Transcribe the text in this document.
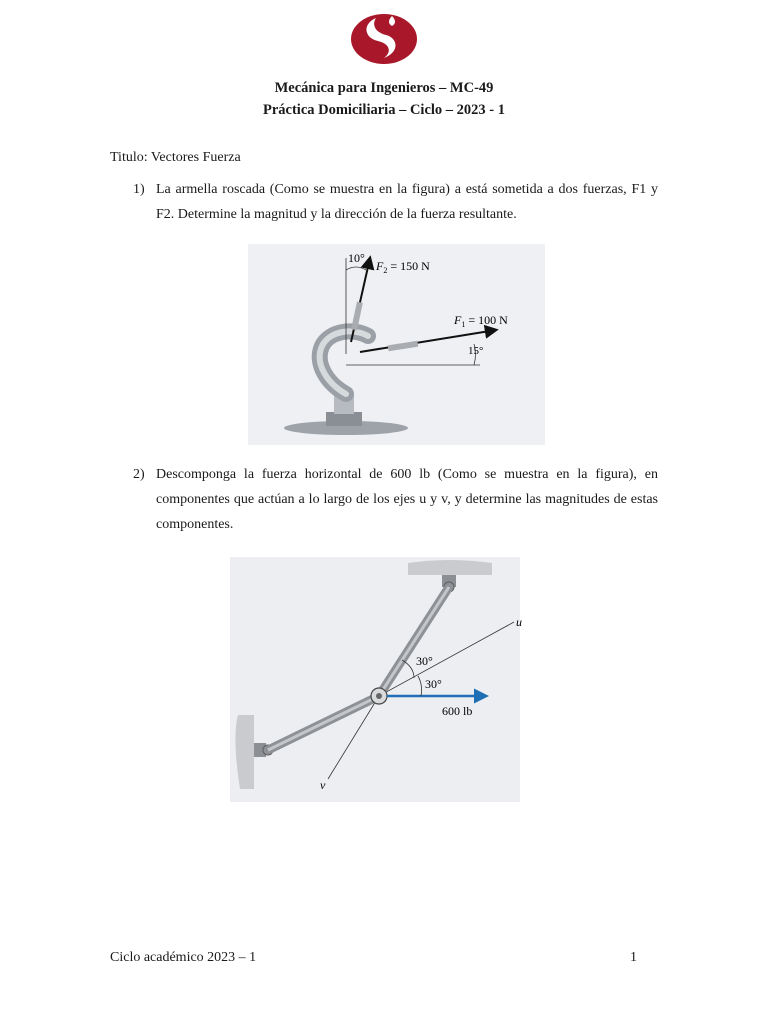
Mecánica para Ingenieros – MC-49
Práctica Domiciliaria – Ciclo – 2023 - 1
Titulo: Vectores Fuerza
1) La armella roscada (Como se muestra en la figura) a está sometida a dos fuerzas, F1 y F2. Determine la magnitud y la dirección de la fuerza resultante.
10°
$F_2 = 150$ N
15°
$F_1 = 100$ N
2) Descomponga la fuerza horizontal de 600 lb (Como se muestra en la figura), en componentes que actúan a lo largo de los ejes u y v, y determine las magnitudes de estas componentes.
u
v
600 lb
30°
30°
Ciclo académico 2023 – 1	1
